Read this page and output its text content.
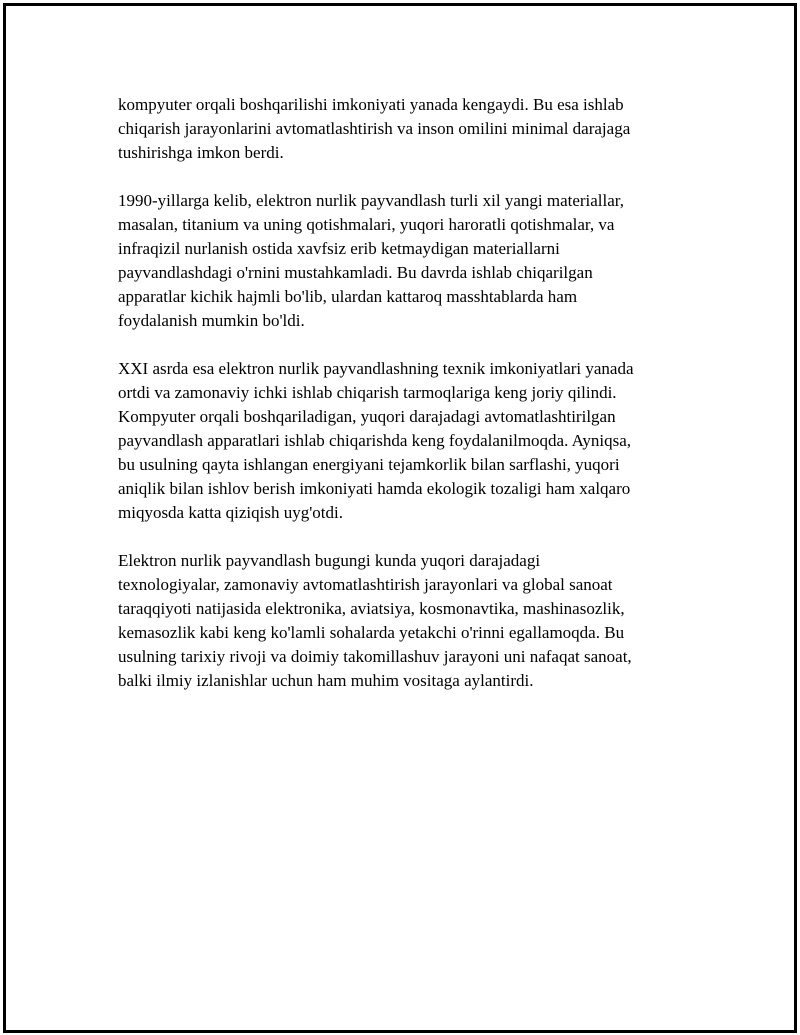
kompyuter orqali boshqarilishi imkoniyati yanada kengaydi. Bu esa ishlab
chiqarish jarayonlarini avtomatlashtirish va inson omilini minimal darajaga
tushirishga imkon berdi.

1990-yillarga kelib, elektron nurlik payvandlash turli xil yangi materiallar,
masalan, titanium va uning qotishmalari, yuqori haroratli qotishmalar, va
infraqizil nurlanish ostida xavfsiz erib ketmaydigan materiallarni
payvandlashdagi o'rnini mustahkamladi. Bu davrda ishlab chiqarilgan
apparatlar kichik hajmli bo'lib, ulardan kattaroq masshtablarda ham
foydalanish mumkin bo'ldi.

XXI asrda esa elektron nurlik payvandlashning texnik imkoniyatlari yanada
ortdi va zamonaviy ichki ishlab chiqarish tarmoqlariga keng joriy qilindi.
Kompyuter orqali boshqariladigan, yuqori darajadagi avtomatlashtirilgan
payvandlash apparatlari ishlab chiqarishda keng foydalanilmoqda. Ayniqsa,
bu usulning qayta ishlangan energiyani tejamkorlik bilan sarflashi, yuqori
aniqlik bilan ishlov berish imkoniyati hamda ekologik tozaligi ham xalqaro
miqyosda katta qiziqish uyg'otdi.

Elektron nurlik payvandlash bugungi kunda yuqori darajadagi
texnologiyalar, zamonaviy avtomatlashtirish jarayonlari va global sanoat
taraqqiyoti natijasida elektronika, aviatsiya, kosmonavtika, mashinasozlik,
kemasozlik kabi keng ko'lamli sohalarda yetakchi o'rinni egallamoqda. Bu
usulning tarixiy rivoji va doimiy takomillashuv jarayoni uni nafaqat sanoat,
balki ilmiy izlanishlar uchun ham muhim vositaga aylantirdi.
